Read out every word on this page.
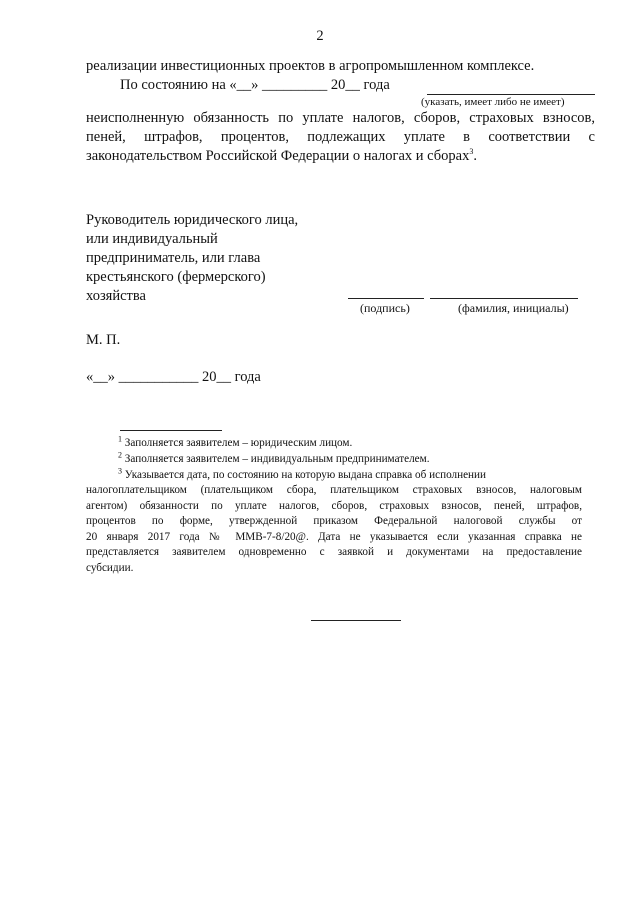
2
реализации инвестиционных проектов в агропромышленном комплексе.
По состоянию на «__» _________ 20__ года
(указать, имеет либо не имеет)
неисполненную обязанность по уплате налогов, сборов, страховых взносов,
пеней, штрафов, процентов, подлежащих уплате в соответствии с
законодательством Российской Федерации о налогах и сборах$^3$.
Руководитель юридического лица,
или индивидуальный
предприниматель, или глава
крестьянского (фермерского)
хозяйства
(подпись)	(фамилия, инициалы)
М. П.
«__» ___________ 20__ года
$^1$ Заполняется заявителем – юридическим лицом.
$^2$ Заполняется заявителем – индивидуальным предпринимателем.
$^3$ Указывается дата, по состоянию на которую выдана справка об исполнении
налогоплательщиком (плательщиком сбора, плательщиком страховых взносов, налоговым
агентом) обязанности по уплате налогов, сборов, страховых взносов, пеней, штрафов,
процентов по форме, утвержденной приказом Федеральной налоговой службы от
20 января 2017 года № ММВ-7-8/20@. Дата не указывается если указанная справка не
представляется заявителем одновременно с заявкой и документами на предоставление
субсидии.
